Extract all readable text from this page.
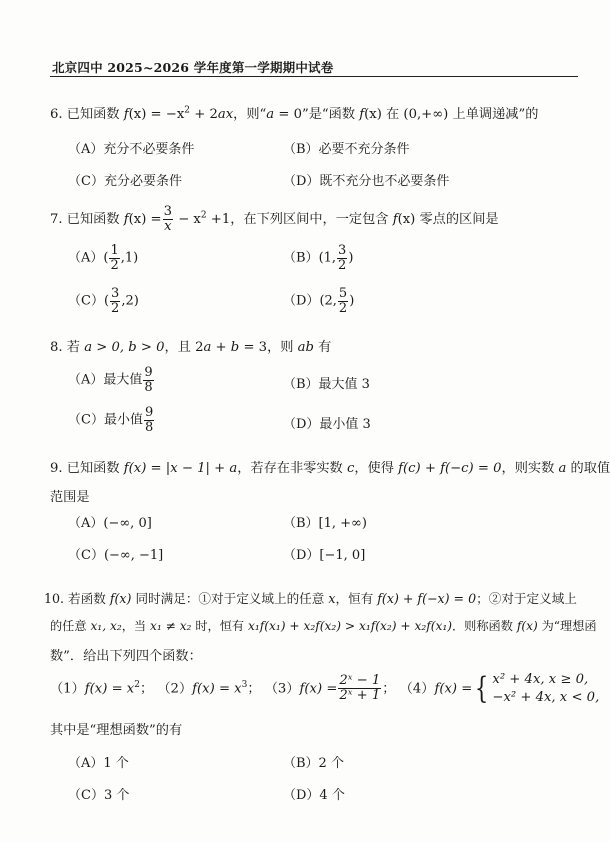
北京四中 2025~2026 学年度第一学期期中试卷
6. 已知函数 $f(x) = -x^2 + 2ax$，则“a = 0”是“函数 f(x) 在 (0,+∞) 上单调递减”的
（A）充分不必要条件	（B）必要不充分条件
（C）充分必要条件	（D）既不充分也不必要条件
7. 已知函数 $f(x) = \frac{3}{x} - x^2 +1$，在下列区间中，一定包含 f(x) 零点的区间是
$(A)( \frac{1}{2} ,1)$	（B）(1, $\frac{3}{2}$ )
$(C)( \frac{3}{2} ,2)$	（D）(2, $\frac{5}{2}$ )
8. 若 a > 0, b > 0，且 2a + b = 3，则 ab 有
（A）最大值 $\frac{9}{8}$	（B）最大值 3
（C）最小值 $\frac{9}{8}$	（D）最小值 3
9. 已知函数 f(x) = |x − 1| + a，若存在非零实数 c，使得 f(c) + f(−c) = 0，则实数 a 的取值
范围是
（A）(−∞, 0]	（B）[1, +∞)
（C）(−∞, −1]	（D）[−1, 0]
10. 若函数 f(x) 同时满足：①对于定义域上的任意 x，恒有 f(x) + f(−x) = 0；②对于定义域上
的任意 x₁, x₂，当 x₁ ≠ x₂ 时，恒有 x₁f(x₁) + x₂f(x₂) > x₁f(x₂) + x₂f(x₁)．则称函数 f(x) 为“理想函
数”．给出下列四个函数：
$(1)f(x) = x^2$； $(2)f(x) = x^3$； $(3)f(x) = \frac{\text{2ˣ − 1}}{\text{2ˣ + 1}}$ ； （4）f(x) ={ x² + 4x, x ≥ 0,
−x² + 4x, x < 0,
其中是“理想函数”的有
（A）1 个	（B）2 个
（C）3 个	（D）4 个
